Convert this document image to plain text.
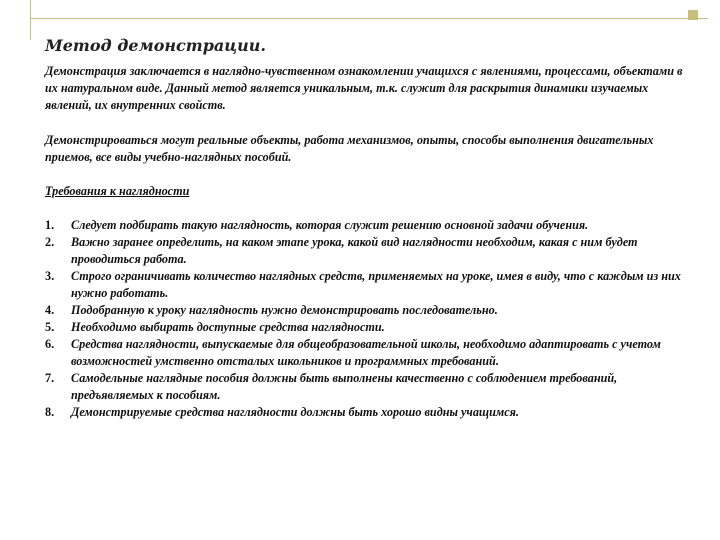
Метод демонстрации.

Демонстрация заключается в наглядно-чувственном ознакомлении учащихся с явлениями, процессами, объектами в их натуральном виде. Данный метод является уникальным, т.к. служит для раскрытия динамики изучаемых явлений, их внутренних свойств.

Демонстрироваться могут реальные объекты, работа механизмов, опыты, способы выполнения двигательных приемов, все виды учебно-наглядных пособий.

Требования к наглядности
1. Следует подбирать такую наглядность, которая служит решению основной задачи обучения.
2. Важно заранее определить, на каком этапе урока, какой вид наглядности необходим, какая с ним будет проводиться работа.
3. Строго ограничивать количество наглядных средств, применяемых на уроке, имея в виду, что с каждым из них нужно работать.
4. Подобранную к уроку наглядность нужно демонстрировать последовательно.
5. Необходимо выбирать доступные средства наглядности.
6. Средства наглядности, выпускаемые для общеобразовательной школы, необходимо адаптировать с учетом возможностей умственно отсталых школьников и программных требований.
7. Самодельные наглядные пособия должны быть выполнены качественно с соблюдением требований, предъявляемых к пособиям.
8. Демонстрируемые средства наглядности должны быть хорошо видны учащимся.
